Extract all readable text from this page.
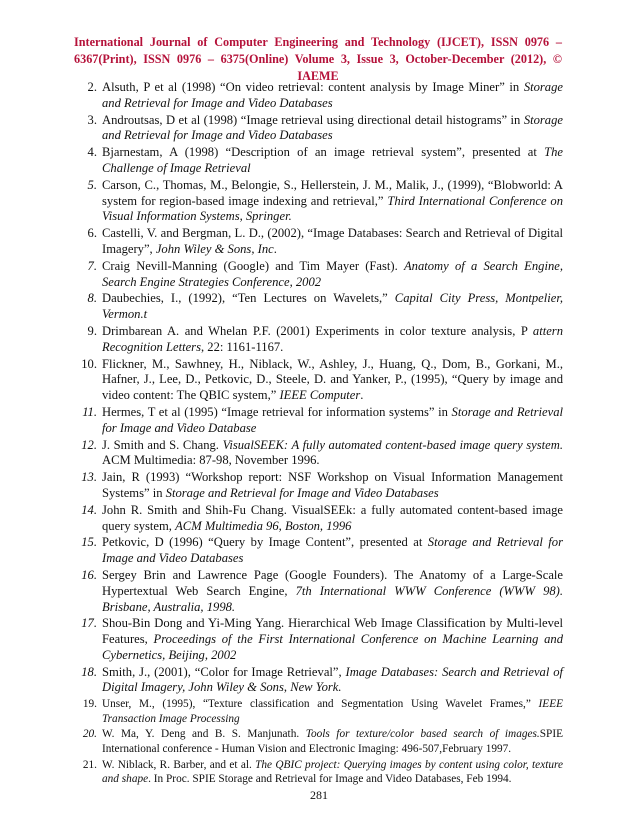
International Journal of Computer Engineering and Technology (IJCET), ISSN 0976 – 6367(Print), ISSN 0976 – 6375(Online) Volume 3, Issue 3, October-December (2012), © IAEME
2. Alsuth, P et al (1998) “On video retrieval: content analysis by Image Miner” in Storage and Retrieval for Image and Video Databases
3. Androutsas, D et al (1998) “Image retrieval using directional detail histograms” in Storage and Retrieval for Image and Video Databases
4. Bjarnestam, A (1998) “Description of an image retrieval system”, presented at The Challenge of Image Retrieval
5. Carson, C., Thomas, M., Belongie, S., Hellerstein, J. M., Malik, J., (1999), “Blobworld: A system for region-based image indexing and retrieval,” Third International Conference on Visual Information Systems, Springer.
6. Castelli, V. and Bergman, L. D., (2002), “Image Databases: Search and Retrieval of Digital Imagery”, John Wiley & Sons, Inc.
7. Craig Nevill-Manning (Google) and Tim Mayer (Fast). Anatomy of a Search Engine, Search Engine Strategies Conference, 2002
8. Daubechies, I., (1992), “Ten Lectures on Wavelets,” Capital City Press, Montpelier, Vermon.t
9. Drimbarean A. and Whelan P.F. (2001) Experiments in color texture analysis, P attern Recognition Letters, 22: 1161-1167.
10. Flickner, M., Sawhney, H., Niblack, W., Ashley, J., Huang, Q., Dom, B., Gorkani, M., Hafner, J., Lee, D., Petkovic, D., Steele, D. and Yanker, P., (1995), “Query by image and video content: The QBIC system,” IEEE Computer.
11. Hermes, T et al (1995) “Image retrieval for information systems” in Storage and Retrieval for Image and Video Database
12. J. Smith and S. Chang. VisualSEEK: A fully automated content-based image query system. ACM Multimedia: 87-98, November 1996.
13. Jain, R (1993) “Workshop report: NSF Workshop on Visual Information Management Systems” in Storage and Retrieval for Image and Video Databases
14. John R. Smith and Shih-Fu Chang. VisualSEEk: a fully automated content-based image query system, ACM Multimedia 96, Boston, 1996
15. Petkovic, D (1996) “Query by Image Content”, presented at Storage and Retrieval for Image and Video Databases
16. Sergey Brin and Lawrence Page (Google Founders). The Anatomy of a Large-Scale Hypertextual Web Search Engine, 7th International WWW Conference (WWW 98). Brisbane, Australia, 1998.
17. Shou-Bin Dong and Yi-Ming Yang. Hierarchical Web Image Classification by Multi-level Features, Proceedings of the First International Conference on Machine Learning and Cybernetics, Beijing, 2002
18. Smith, J., (2001), “Color for Image Retrieval”, Image Databases: Search and Retrieval of Digital Imagery, John Wiley & Sons, New York.
19. Unser, M., (1995), “Texture classification and Segmentation Using Wavelet Frames,” IEEE Transaction Image Processing
20. W. Ma, Y. Deng and B. S. Manjunath. Tools for texture/color based search of images.SPIE International conference - Human Vision and Electronic Imaging: 496-507,February 1997.
21. W. Niblack, R. Barber, and et al. The QBIC project: Querying images by content using color, texture and shape. In Proc. SPIE Storage and Retrieval for Image and Video Databases, Feb 1994.
281
